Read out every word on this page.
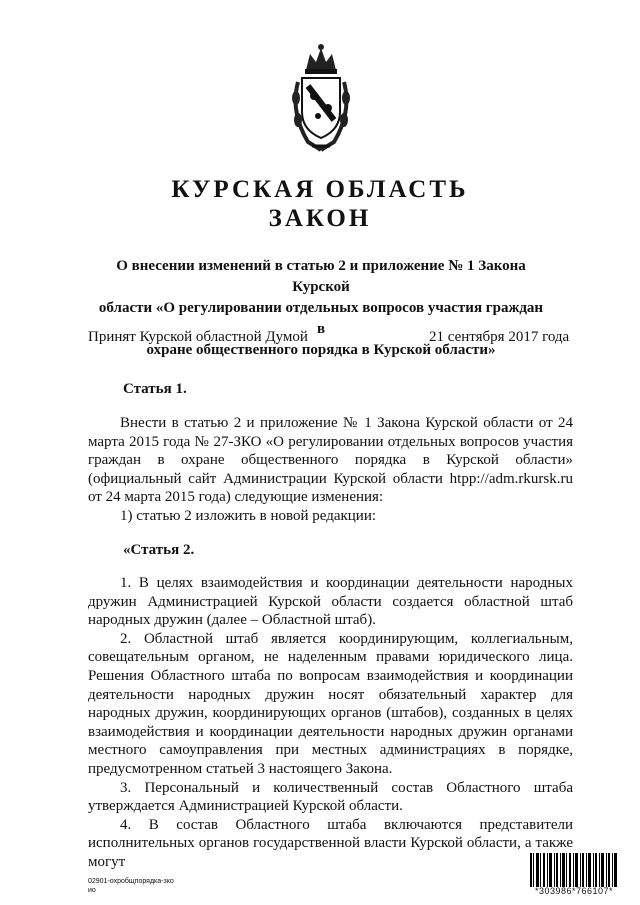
КУРСКАЯ ОБЛАСТЬ
ЗАКОН
О внесении изменений в статью 2 и приложение № 1 Закона Курской
области «О регулировании отдельных вопросов участия граждан в
охране общественного порядка в Курской области»
Принят Курской областной Думой	21 сентября 2017 года
Статья 1.

Внести в статью 2 и приложение № 1 Закона Курской области от 24 марта 2015 года № 27-ЗКО «О регулировании отдельных вопросов участия граждан в охране общественного порядка в Курской области» (официальный сайт Администрации Курской области htpp://adm.rkursk.ru от 24 марта 2015 года) следующие изменения:

1) статью 2 изложить в новой редакции:

«Статья 2.

1. В целях взаимодействия и координации деятельности народных дружин Администрацией Курской области создается областной штаб народных дружин (далее – Областной штаб).

2. Областной штаб является координирующим, коллегиальным, совещательным органом, не наделенным правами юридического лица. Решения Областного штаба по вопросам взаимодействия и координации деятельности народных дружин носят обязательный характер для народных дружин, координирующих органов (штабов), созданных в целях взаимодействия и координации деятельности народных дружин органами местного самоуправления при местных администрациях в порядке, предусмотренном статьей 3 настоящего Закона.

3. Персональный и количественный состав Областного штаба утверждается Администрацией Курской области.

4. В состав Областного штаба включаются представители исполнительных органов государственной власти Курской области, а также могут

02901-охробщпорядка-зко
ио	*303986*766107*
